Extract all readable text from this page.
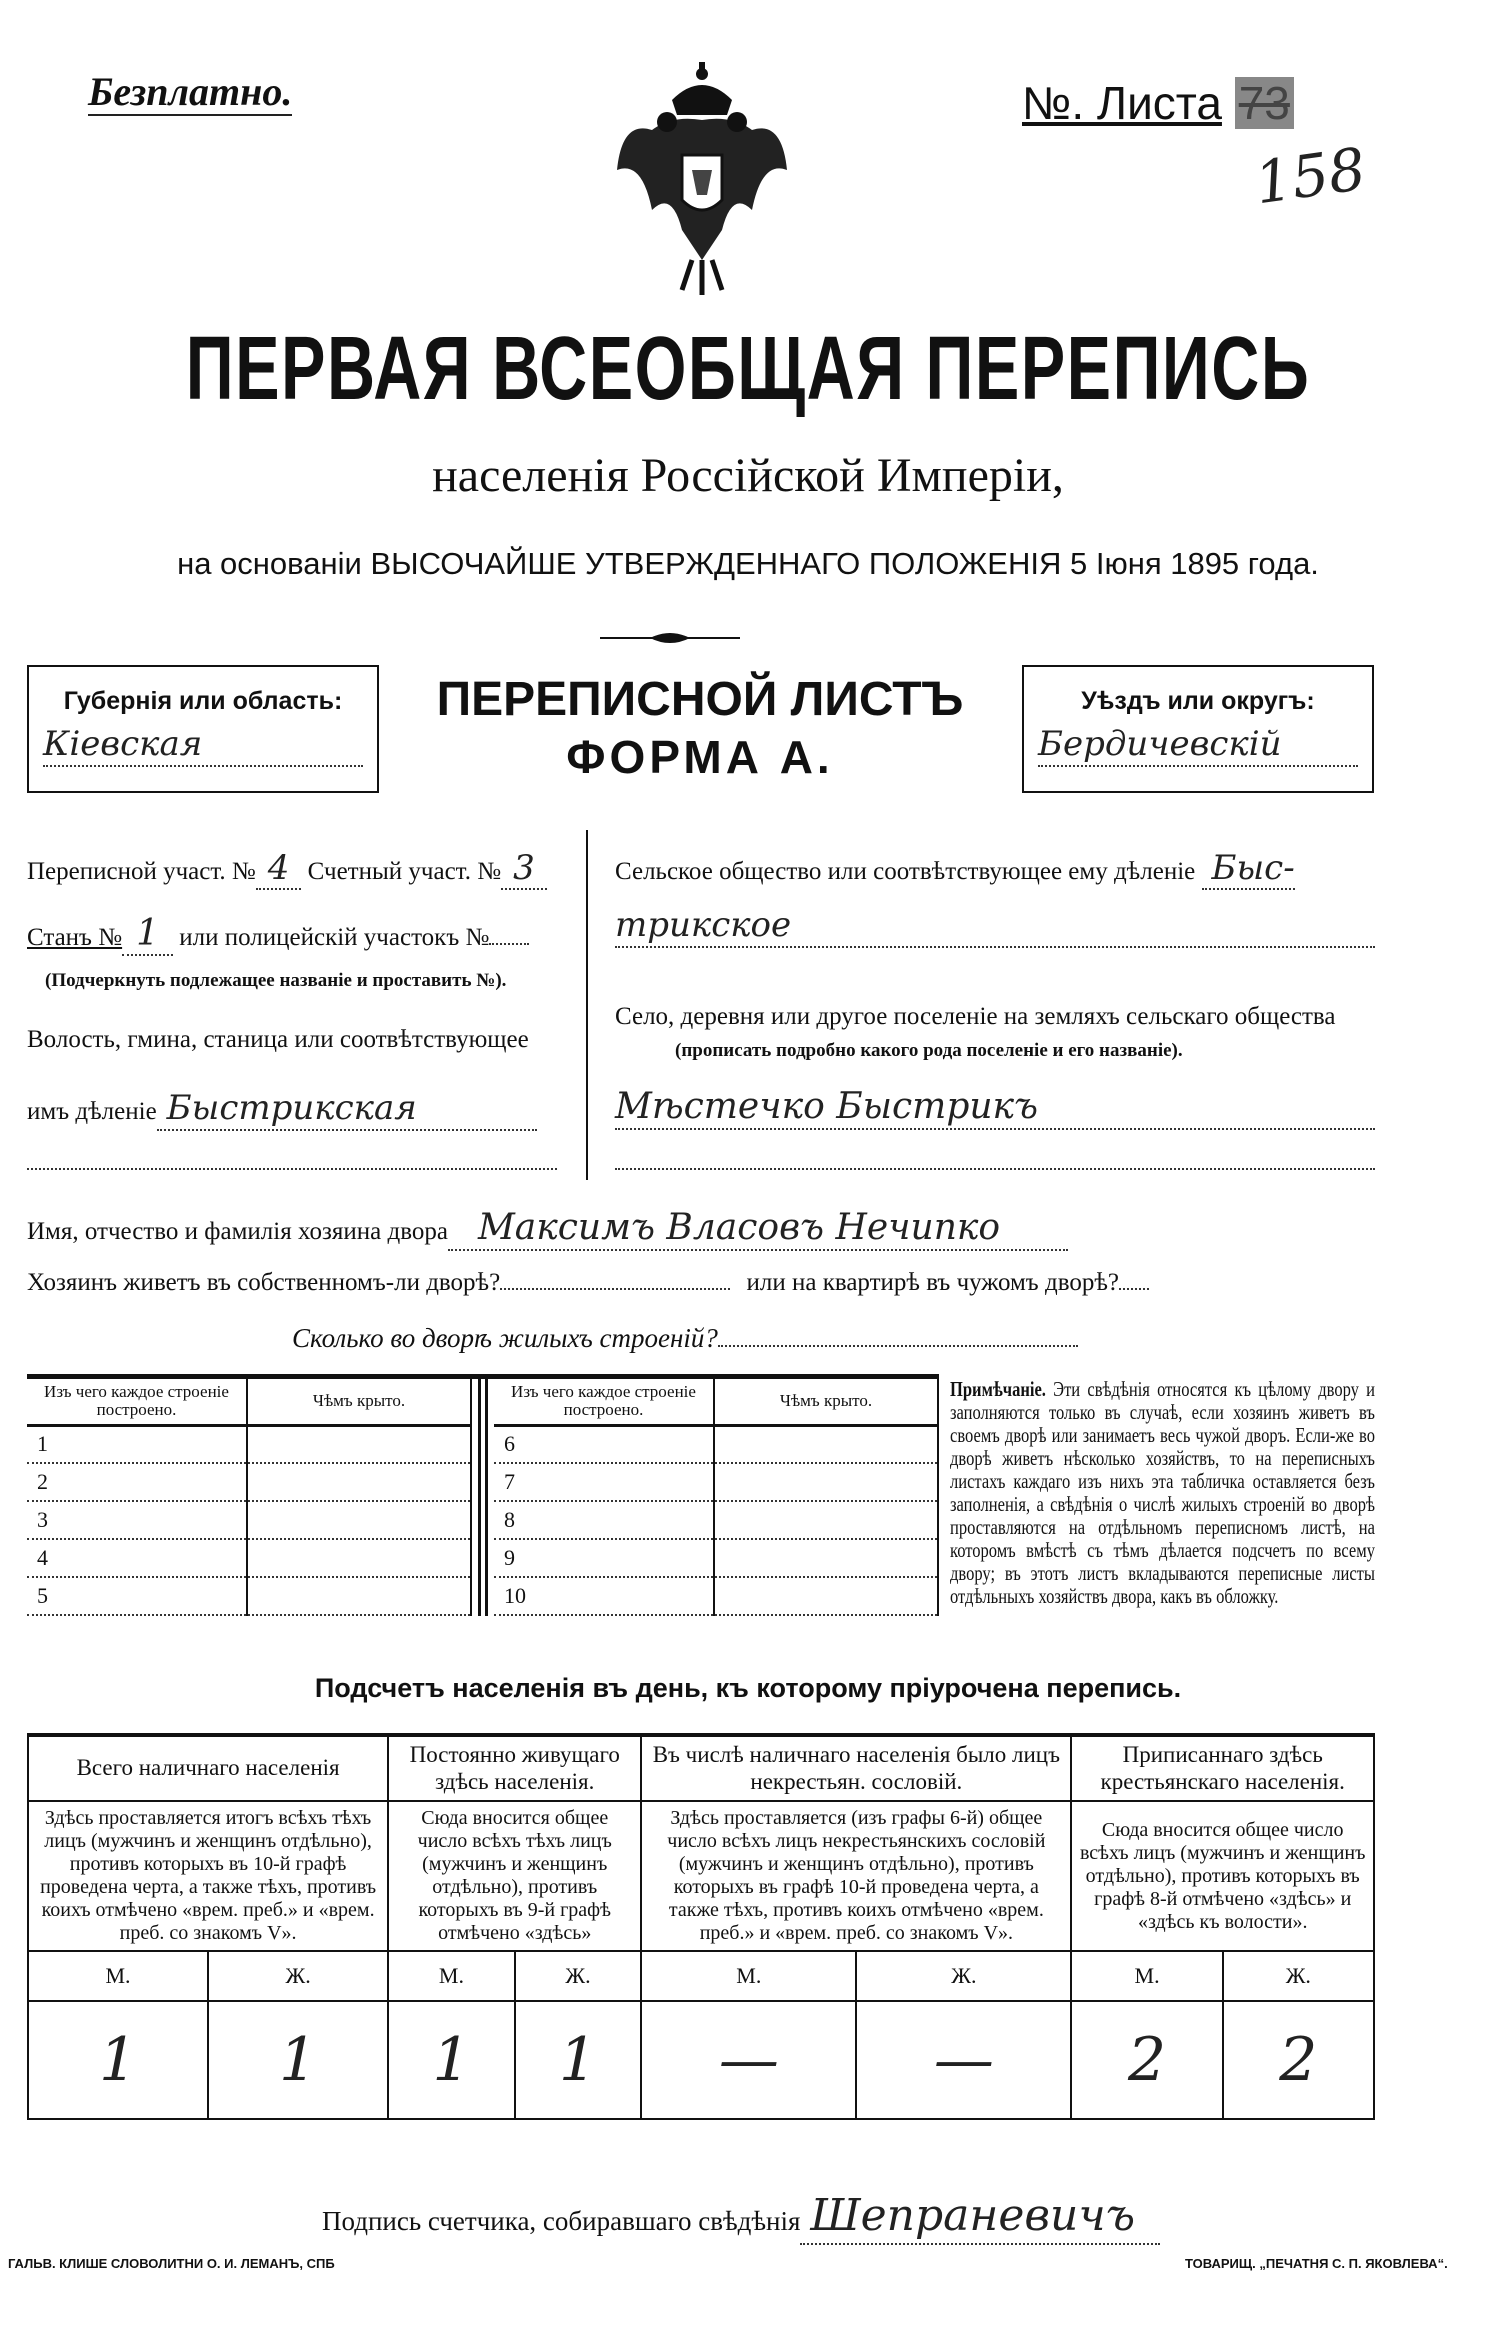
Безплатно.	№. Листа 73
158
ПЕРВАЯ ВСЕОБЩАЯ ПЕРЕПИСЬ
населенія Россійской Имперіи,
на основаніи ВЫСОЧАЙШЕ УТВЕРЖДЕННАГО ПОЛОЖЕНІЯ 5 Іюня 1895 года.
Губернія или область:
Кіевская
ПЕРЕПИСНОЙ ЛИСТЪ
ФОРМА А.
Уѣздъ или округъ:
Бердичевскій
Переписной участ. № 4 Счетный участ. № 3
Станъ № 1 или полицейскій участокъ №
(Подчеркнуть подлежащее названіе и проставить №).
Волость, гмина, станица или соотвѣтствующее
имъ дѣленіе Быстрикская
Сельское общество или соотвѣтствующее ему дѣленіе Быс-
трикское
Село, деревня или другое поселеніе на земляхъ сельскаго общества
(прописать подробно какого рода поселеніе и его названіе).
Мѣстечко Быстрикъ
Имя, отчество и фамилія хозяина двора Максимъ Власовъ Нечипко
Хозяинъ живетъ въ собственномъ-ли дворѣ?	или на квартирѣ въ чужомъ дворѣ?
Сколько во дворѣ жилыхъ строеній?
Изъ чего каждое строеніе построено.	Чѣмъ крыто.
1	
2	
3	
4	
5	
Изъ чего каждое строеніе построено.	Чѣмъ крыто.
6	
7	
8	
9	
10	
Примѣчаніе. Эти свѣдѣнія относятся къ цѣлому двору и заполняются только въ случаѣ, если хозяинъ живетъ въ своемъ дворѣ или занимаетъ весь чужой дворъ. Если-же во дворѣ живетъ нѣсколько хозяйствъ, то на переписныхъ листахъ каждаго изъ нихъ эта табличка оставляется безъ заполненія, а свѣдѣнія о числѣ жилыхъ строеній во дворѣ проставляются на отдѣльномъ переписномъ листѣ, на которомъ вмѣстѣ съ тѣмъ дѣлается подсчетъ по всему двору; въ этотъ листъ вкладываются переписные листы отдѣльныхъ хозяйствъ двора, какъ въ обложку.
Подсчетъ населенія въ день, къ которому пріурочена перепись.
Всего наличнаго населенія		Постоянно живущаго здѣсь населенія.		Въ числѣ наличнаго населенія было лицъ некрестьян. сословій.		Приписаннаго здѣсь крестьянскаго населенія.	
Здѣсь проставляется итогъ всѣхъ тѣхъ лицъ (мужчинъ и женщинъ отдѣльно), противъ которыхъ въ 10-й графѣ проведена черта, а также тѣхъ, противъ коихъ отмѣчено «врем. преб.» и «врем. преб. со знакомъ V».		Сюда вносится общее число всѣхъ тѣхъ лицъ (мужчинъ и женщинъ отдѣльно), противъ которыхъ въ 9-й графѣ отмѣчено «здѣсь»		Здѣсь проставляется (изъ графы 6-й) общее число всѣхъ лицъ некрестьянскихъ сословій (мужчинъ и женщинъ отдѣльно), противъ которыхъ въ графѣ 10-й проведена черта, а также тѣхъ, противъ коихъ отмѣчено «врем. преб.» и «врем. преб. со знакомъ V».		Сюда вносится общее число всѣхъ лицъ (мужчинъ и женщинъ отдѣльно), противъ которыхъ въ графѣ 8-й отмѣчено «здѣсь» и «здѣсь къ волости».	
М.	Ж.	М.	Ж.	М.	Ж.	М.	Ж.
1	1	1	1	—	—	2	2
Подпись счетчика, собиравшаго свѣдѣнія Шепраневичъ
ГАЛЬВ. КЛИШЕ СЛОВОЛИТНИ О. И. ЛЕМАНЪ, СПБ	ТОВАРИЩ. „ПЕЧАТНЯ С. П. ЯКОВЛЕВА“.
